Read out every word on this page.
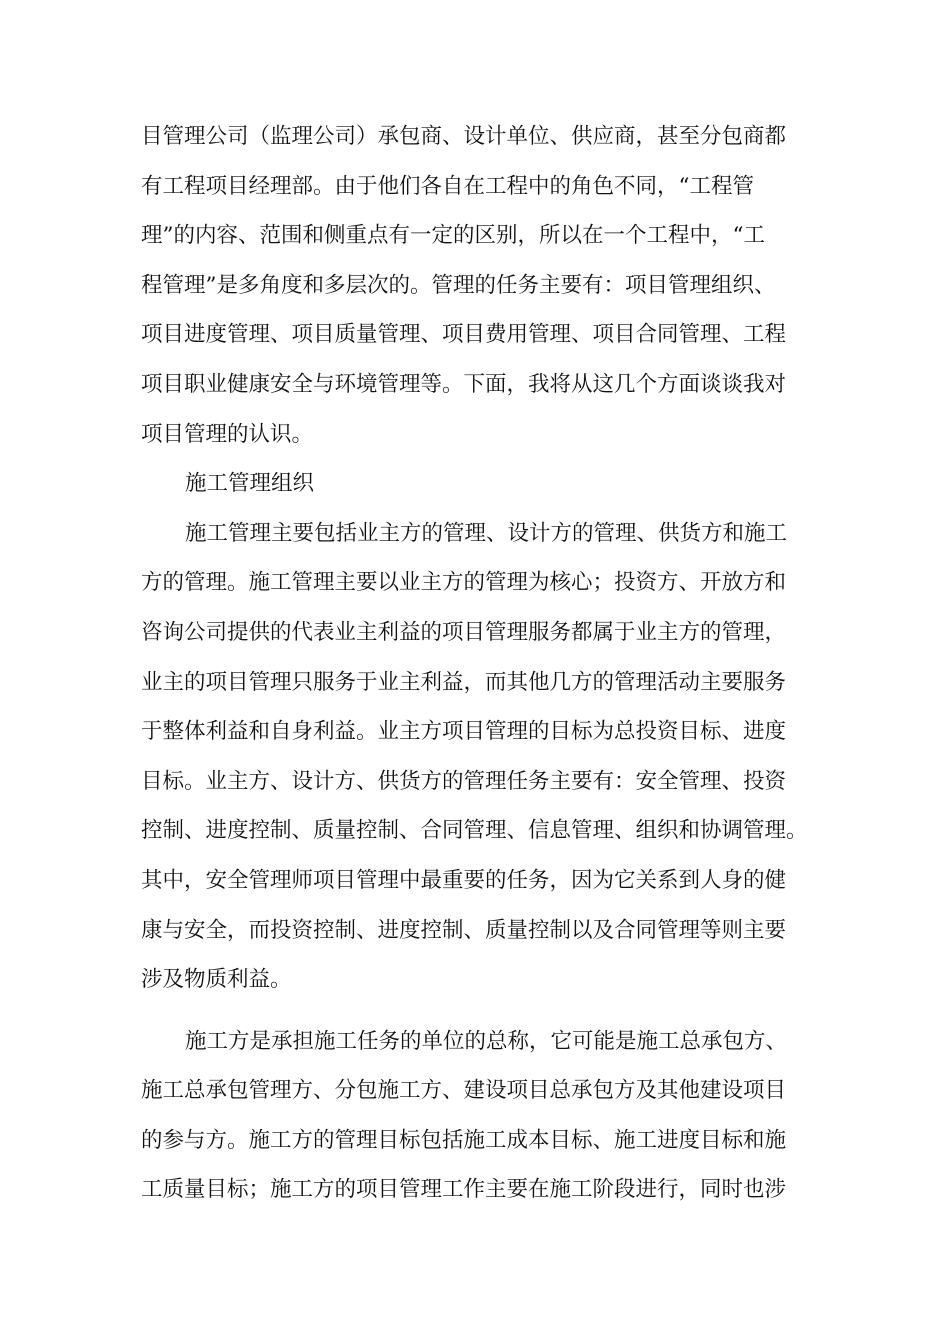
目管理公司（监理公司）承包商、设计单位、供应商，甚至分包商都
有工程项目经理部。由于他们各自在工程中的角色不同，“工程管
理”的内容、范围和侧重点有一定的区别，所以在一个工程中，“工
程管理”是多角度和多层次的。管理的任务主要有：项目管理组织、
项目进度管理、项目质量管理、项目费用管理、项目合同管理、工程
项目职业健康安全与环境管理等。下面，我将从这几个方面谈谈我对
项目管理的认识。
施工管理组织
施工管理主要包括业主方的管理、设计方的管理、供货方和施工
方的管理。施工管理主要以业主方的管理为核心；投资方、开放方和
咨询公司提供的代表业主利益的项目管理服务都属于业主方的管理，
业主的项目管理只服务于业主利益，而其他几方的管理活动主要服务
于整体利益和自身利益。业主方项目管理的目标为总投资目标、进度
目标。业主方、设计方、供货方的管理任务主要有：安全管理、投资
控制、进度控制、质量控制、合同管理、信息管理、组织和协调管理。
其中，安全管理师项目管理中最重要的任务，因为它关系到人身的健
康与安全，而投资控制、进度控制、质量控制以及合同管理等则主要
涉及物质利益。
施工方是承担施工任务的单位的总称，它可能是施工总承包方、
施工总承包管理方、分包施工方、建设项目总承包方及其他建设项目
的参与方。施工方的管理目标包括施工成本目标、施工进度目标和施
工质量目标；施工方的项目管理工作主要在施工阶段进行，同时也涉
